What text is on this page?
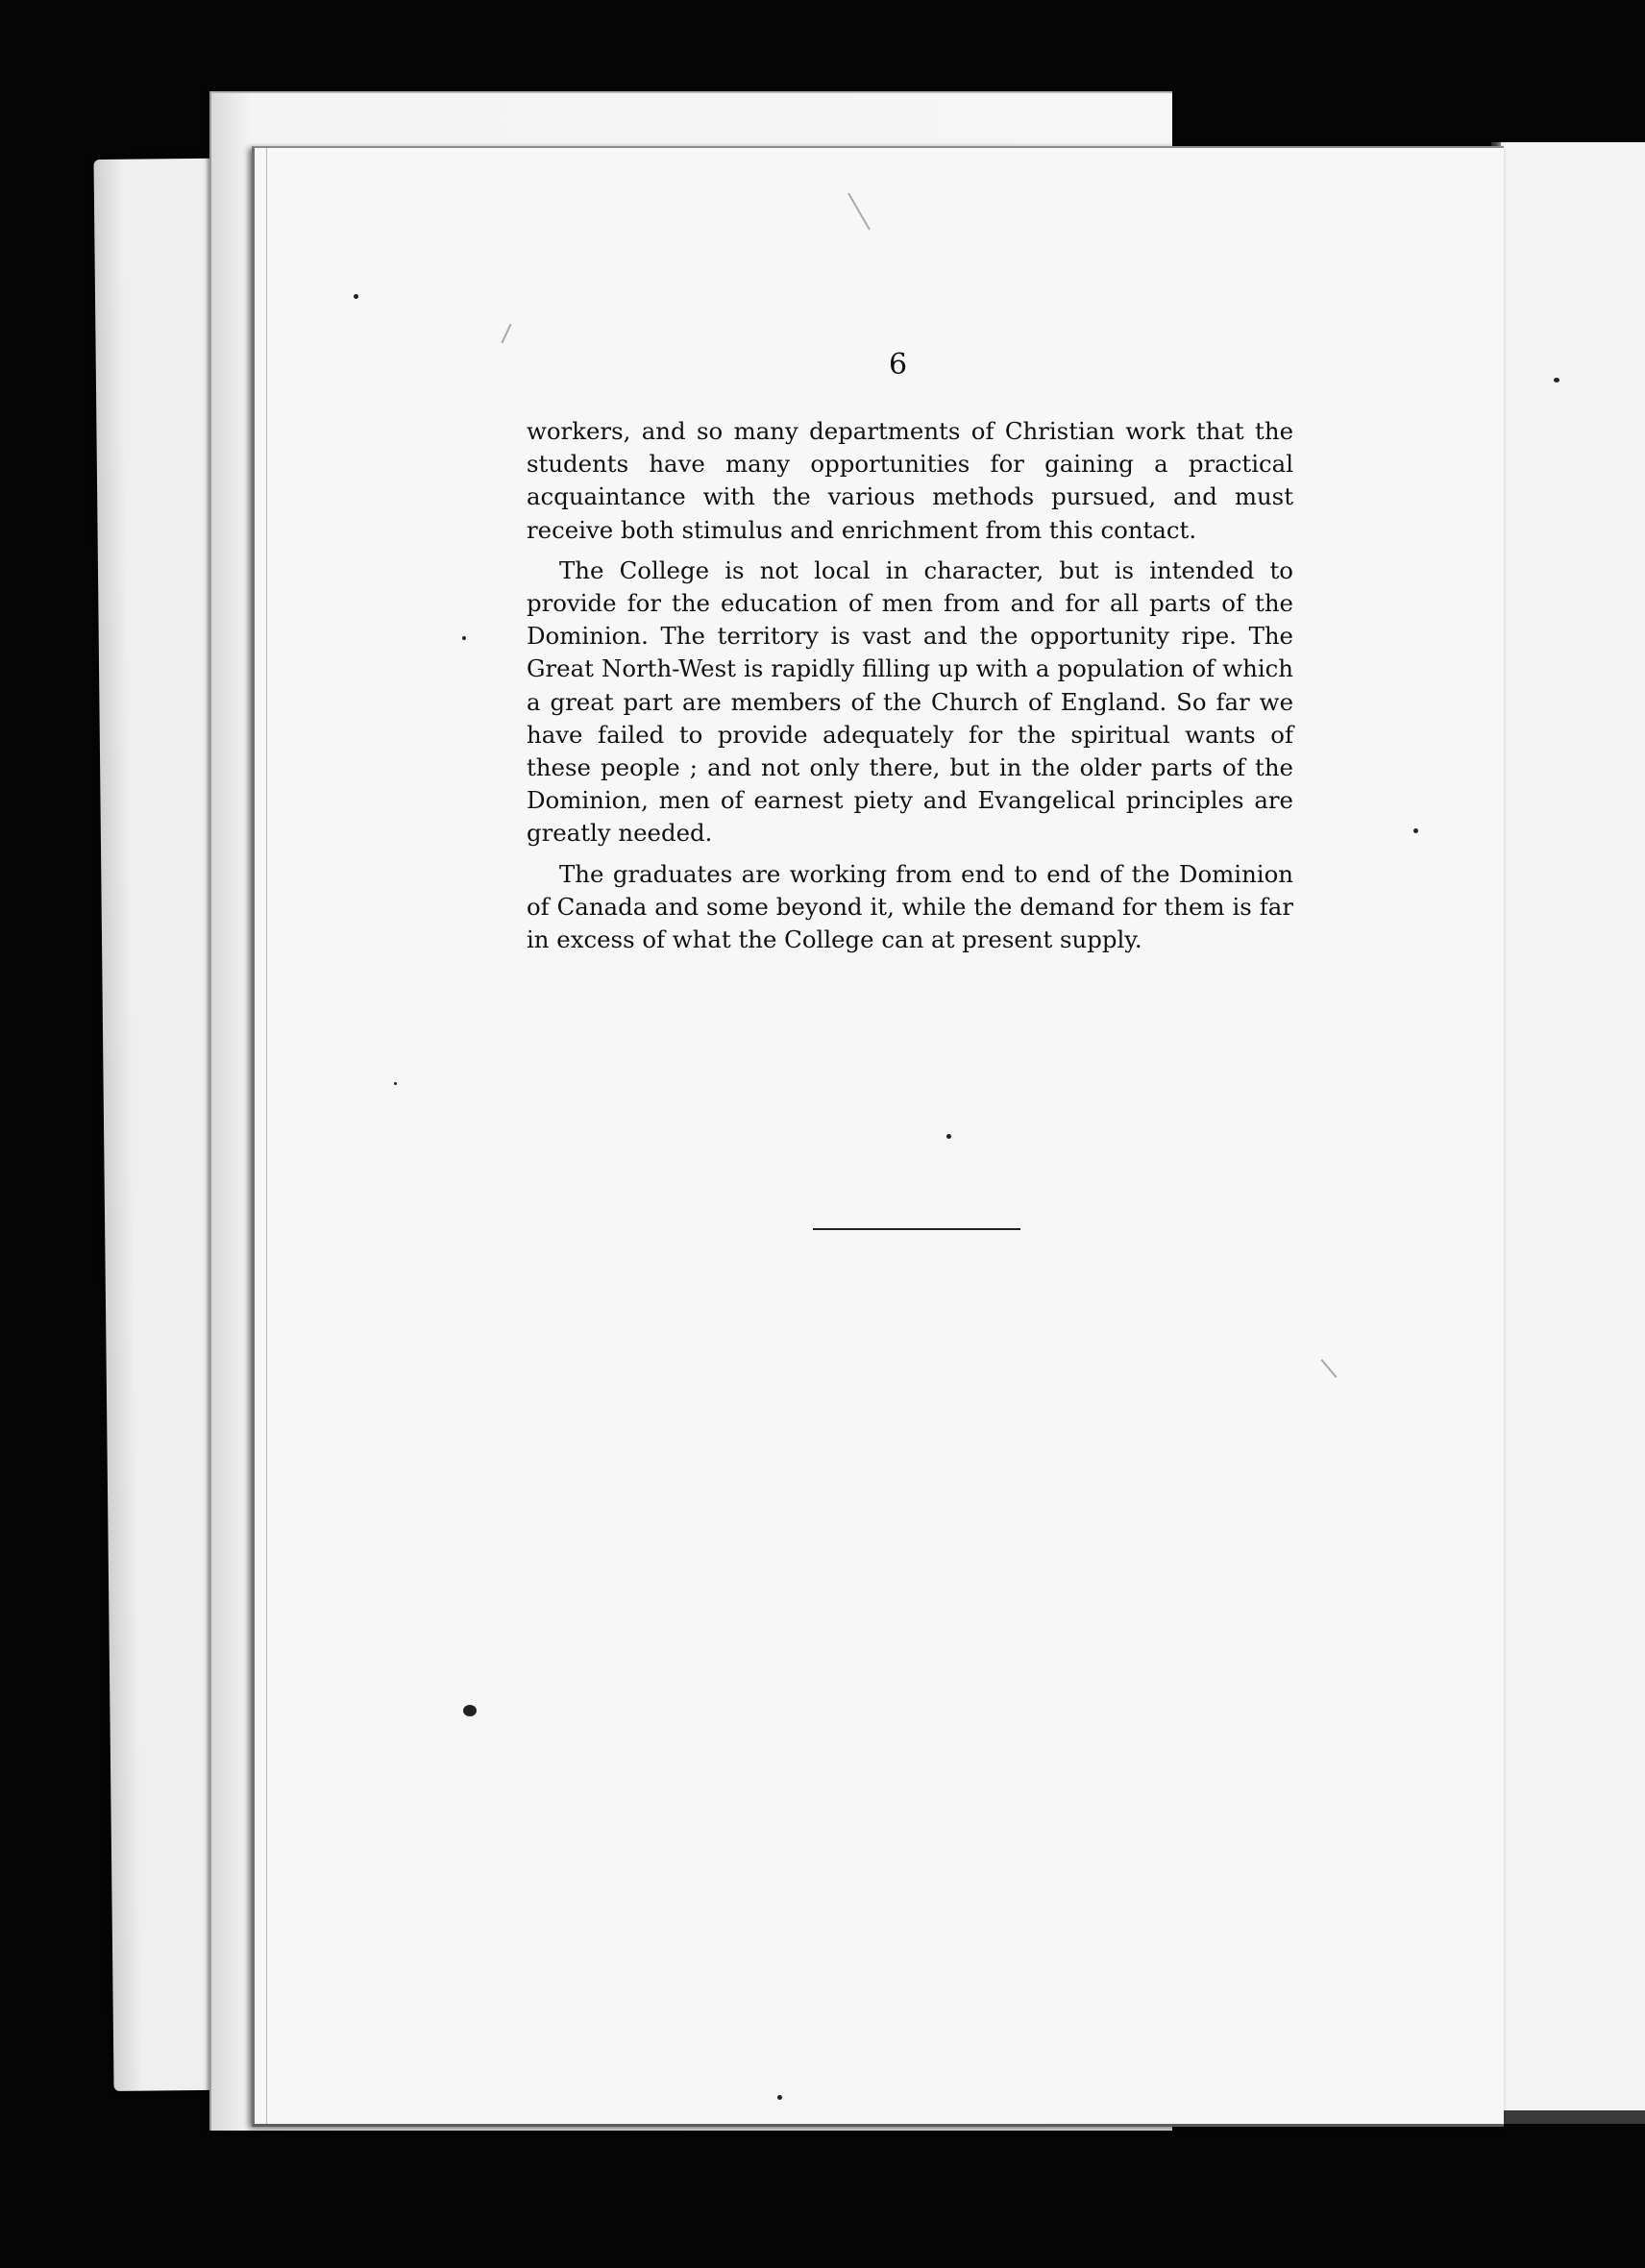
6

workers, and so many departments of Christian work that the students have many opportunities for gaining a practical acquaintance with the various methods pursued, and must receive both stimulus and enrichment from this contact.

The College is not local in character, but is intended to provide for the education of men from and for all parts of the Dominion. The territory is vast and the opportunity ripe. The Great North-West is rapidly filling up with a population of which a great part are members of the Church of England. So far we have failed to provide adequately for the spiritual wants of these people ; and not only there, but in the older parts of the Dominion, men of earnest piety and Evangelical principles are greatly needed.

The graduates are working from end to end of the Dominion of Canada and some beyond it, while the demand for them is far in excess of what the College can at present supply.
